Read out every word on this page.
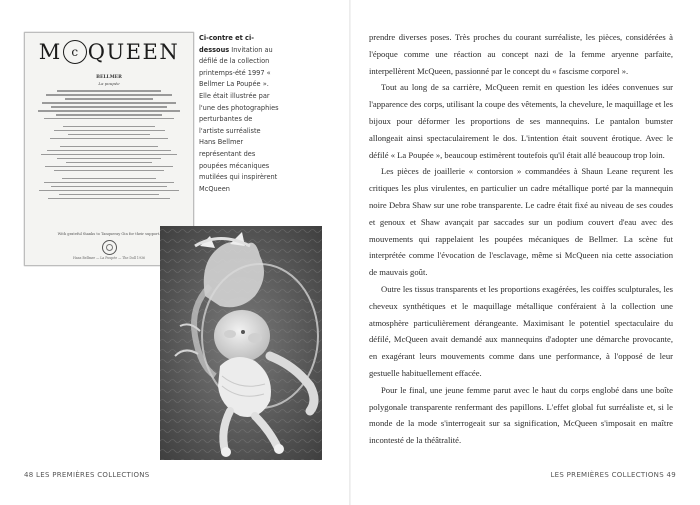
M c QUEEN
BELLMER
La poupée
With grateful thanks to Tanqueray Gin for their support.
Hans Bellmer — La Poupée — The Doll 1936
Ci-contre et ci-dessous Invitation au défilé de la collection printemps-été 1997 « Bellmer La Poupée ». Elle était illustrée par l'une des photographies perturbantes de l'artiste surréaliste Hans Bellmer représentant des poupées mécaniques mutilées qui inspirèrent McQueen

prendre diverses poses. Très proches du courant surréaliste, les pièces, considérées à l'époque comme une réaction au concept nazi de la femme aryenne parfaite, interpellèrent McQueen, passionné par le concept du « fascisme corporel ».

Tout au long de sa carrière, McQueen remit en question les idées convenues sur l'apparence des corps, utilisant la coupe des vêtements, la chevelure, le maquillage et les bijoux pour déformer les proportions de ses mannequins. Le pantalon bumster allongeait ainsi spectaculairement le dos. L'intention était souvent érotique. Avec le défilé « La Poupée », beaucoup estimèrent toutefois qu'il était allé beaucoup trop loin.

Les pièces de joaillerie « contorsion » commandées à Shaun Leane reçurent les critiques les plus virulentes, en particulier un cadre métallique porté par la mannequin noire Debra Shaw sur une robe transparente. Le cadre était fixé au niveau de ses coudes et genoux et Shaw avançait par saccades sur un podium couvert d'eau avec des mouvements qui rappelaient les poupées mécaniques de Bellmer. La scène fut interprétée comme l'évocation de l'esclavage, même si McQueen nia cette association de mauvais goût.

Outre les tissus transparents et les proportions exagérées, les coiffes sculpturales, les cheveux synthétiques et le maquillage métallique conféraient à la collection une atmosphère particulièrement dérangeante. Maximisant le potentiel spectaculaire du défilé, McQueen avait demandé aux mannequins d'adopter une démarche provocante, en exagérant leurs mouvements comme dans une performance, à l'opposé de leur gestuelle habituellement effacée.

Pour le final, une jeune femme parut avec le haut du corps englobé dans une boîte polygonale transparente renfermant des papillons. L'effet global fut surréaliste et, si le monde de la mode s'interrogeait sur sa signification, McQueen s'imposait en maître incontesté de la théâtralité.

48 LES PREMIÈRES COLLECTIONS	LES PREMIÈRES COLLECTIONS 49
